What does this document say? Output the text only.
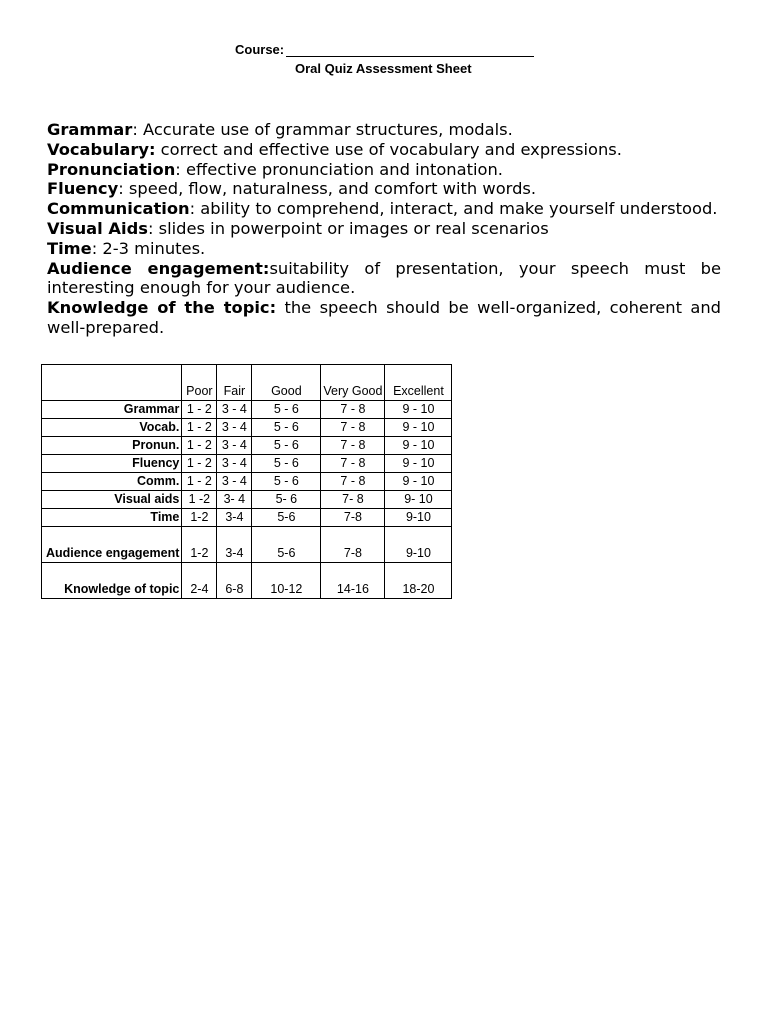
Course:
Oral Quiz Assessment Sheet

Grammar: Accurate use of grammar structures, modals.

Vocabulary: correct and effective use of vocabulary and expressions.

Pronunciation: effective pronunciation and intonation.

Fluency: speed, flow, naturalness, and comfort with words.

Communication: ability to comprehend, interact, and make yourself understood.

Visual Aids: slides in powerpoint or images or real scenarios

Time: 2-3 minutes.

Audience engagement:suitability of presentation, your speech must be interesting enough for your audience.

Knowledge of the topic: the speech should be well-organized, coherent and well-prepared.

	Poor	Fair	Good	Very Good	Excellent
Grammar	1 - 2	3 - 4	5 - 6	7 - 8	9 - 10
Vocab.	1 - 2	3 - 4	5 - 6	7 - 8	9 - 10
Pronun.	1 - 2	3 - 4	5 - 6	7 - 8	9 - 10
Fluency	1 - 2	3 - 4	5 - 6	7 - 8	9 - 10
Comm.	1 - 2	3 - 4	5 - 6	7 - 8	9 - 10
Visual aids	1 -2	3- 4	5- 6	7- 8	9- 10
Time	1-2	3-4	5-6	7-8	9-10
Audience engagement	1-2	3-4	5-6	7-8	9-10
Knowledge of topic	2-4	6-8	10-12	14-16	18-20
